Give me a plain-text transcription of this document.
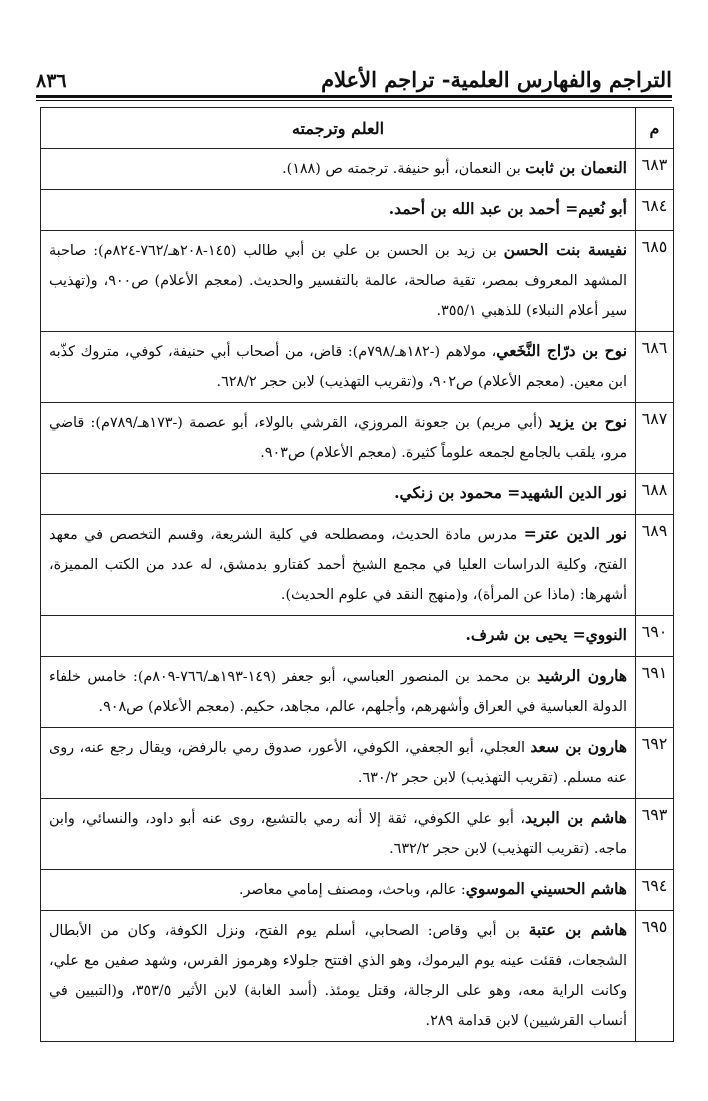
التراجم والفهارس العلمية- تراجم الأعلام
٨٣٦
م	العلم وترجمته
٦٨٣	النعمان بن ثابت بن النعمان، أبو حنيفة. ترجمته ص (١٨٨).
٦٨٤	أبو نُعيم= أحمد بن عبد الله بن أحمد.
٦٨٥	نفيسة بنت الحسن بن زيد بن الحسن بن علي بن أبي طالب (١٤٥-٢٠٨هـ/٧٦٢-٨٢٤م): صاحبة المشهد المعروف بمصر، تقية صالحة، عالمة بالتفسير والحديث. (معجم الأعلام) ص٩٠٠، و(تهذيب سير أعلام النبلاء) للذهبي ٣٥٥/١.
٦٨٦	نوح بن درّاج النَّخَعي، مولاهم (-١٨٢هـ/٧٩٨م): قاض، من أصحاب أبي حنيفة، كوفي، متروك كذّبه ابن معين. (معجم الأعلام) ص٩٠٢، و(تقريب التهذيب) لابن حجر ٦٢٨/٢.
٦٨٧	نوح بن يزيد (أبي مريم) بن جعونة المروزي، القرشي بالولاء، أبو عصمة (-١٧٣هـ/٧٨٩م): قاضي مرو، يلقب بالجامع لجمعه علوماً كثيرة. (معجم الأعلام) ص٩٠٣.
٦٨٨	نور الدين الشهيد= محمود بن زنكي.
٦٨٩	نور الدين عتر= مدرس مادة الحديث، ومصطلحه في كلية الشريعة، وقسم التخصص في معهد الفتح، وكلية الدراسات العليا في مجمع الشيخ أحمد كفتارو بدمشق، له عدد من الكتب المميزة، أشهرها: (ماذا عن المرأة)، و(منهج النقد في علوم الحديث).
٦٩٠	النووي= يحيى بن شرف.
٦٩١	هارون الرشيد بن محمد بن المنصور العباسي، أبو جعفر (١٤٩-١٩٣هـ/٧٦٦-٨٠٩م): خامس خلفاء الدولة العباسية في العراق وأشهرهم، وأجلهم، عالم، مجاهد، حكيم. (معجم الأعلام) ص٩٠٨.
٦٩٢	هارون بن سعد العجلي، أبو الجعفي، الكوفي، الأعور، صدوق رمي بالرفض، ويقال رجع عنه، روى عنه مسلم. (تقريب التهذيب) لابن حجر ٦٣٠/٢.
٦٩٣	هاشم بن البريد، أبو علي الكوفي، ثقة إلا أنه رمي بالتشيع، روى عنه أبو داود، والنسائي، وابن ماجه. (تقريب التهذيب) لابن حجر ٦٣٢/٢.
٦٩٤	هاشم الحسيني الموسوي: عالم، وباحث، ومصنف إمامي معاصر.
٦٩٥	هاشم بن عتبة بن أبي وقاص: الصحابي، أسلم يوم الفتح، ونزل الكوفة، وكان من الأبطال الشجعات، فقئت عينه يوم اليرموك، وهو الذي افتتح جلولاء وهرموز الفرس، وشهد صفين مع علي، وكانت الراية معه، وهو على الرجالة، وقتل يومئذ. (أسد الغابة) لابن الأثير ٣٥٣/٥، و(التبيين في أنساب القرشيين) لابن قدامة ٢٨٩.
